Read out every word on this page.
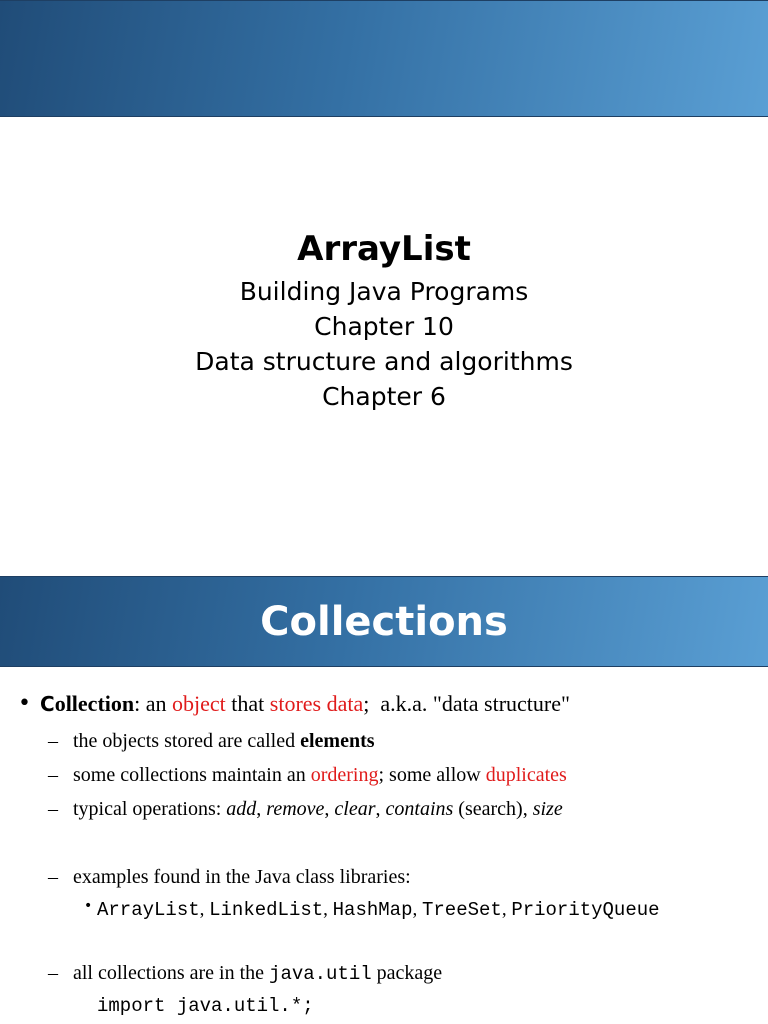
ArrayList
Building Java Programs
Chapter 10
Data structure and algorithms
Chapter 6
Collections
• Collection: an object that stores data;  a.k.a. "data structure"
– the objects stored are called elements
– some collections maintain an ordering; some allow duplicates
– typical operations: add, remove, clear, contains (search), size
– examples found in the Java class libraries:
• ArrayList, LinkedList, HashMap, TreeSet, PriorityQueue
– all collections are in the java.util package
import java.util.*;
